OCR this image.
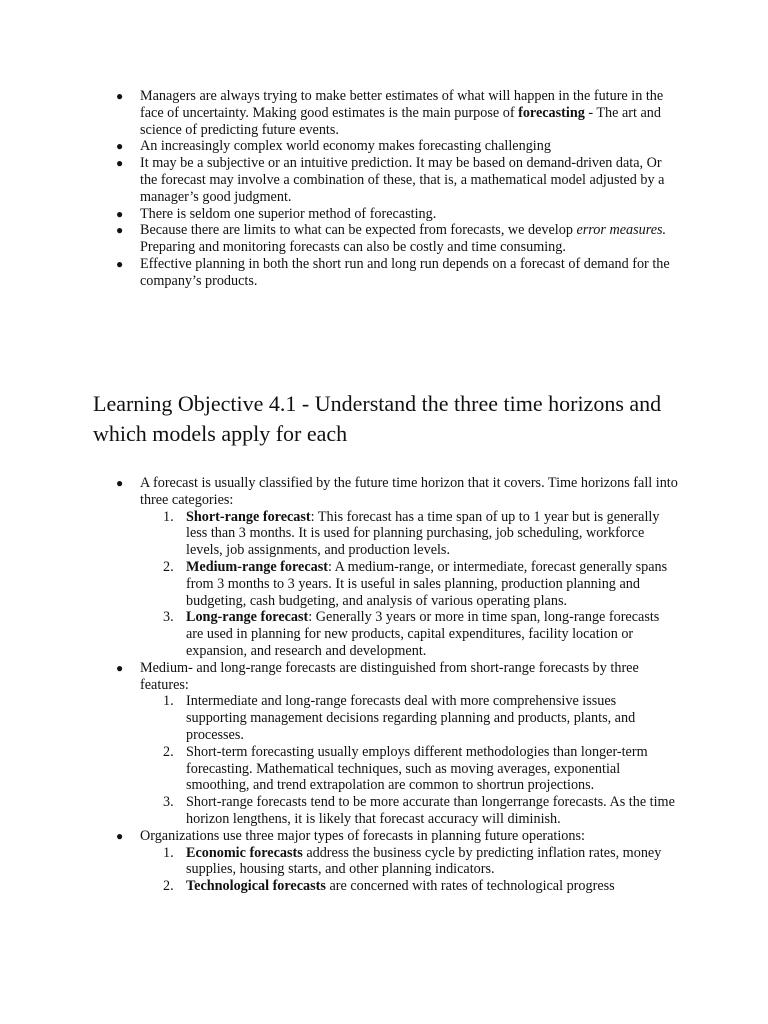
● Managers are always trying to make better estimates of what will happen in the future in the face of uncertainty. Making good estimates is the main purpose of forecasting - The art and science of predicting future events.

● An increasingly complex world economy makes forecasting challenging

● It may be a subjective or an intuitive prediction. It may be based on demand-driven data, Or the forecast may involve a combination of these, that is, a mathematical model adjusted by a manager’s good judgment.

● There is seldom one superior method of forecasting.

● Because there are limits to what can be expected from forecasts, we develop error measures. Preparing and monitoring forecasts can also be costly and time consuming.

● Effective planning in both the short run and long run depends on a forecast of demand for the company’s products.

Learning Objective 4.1 - Understand the three time horizons and which models apply for each
● A forecast is usually classified by the future time horizon that it covers. Time horizons fall into three categories:
1. Short-range forecast: This forecast has a time span of up to 1 year but is generally less than 3 months. It is used for planning purchasing, job scheduling, workforce levels, job assignments, and production levels.
2. Medium-range forecast: A medium-range, or intermediate, forecast generally spans from 3 months to 3 years. It is useful in sales planning, production planning and budgeting, cash budgeting, and analysis of various operating plans.
3. Long-range forecast: Generally 3 years or more in time span, long-range forecasts are used in planning for new products, capital expenditures, facility location or expansion, and research and development.
● Medium- and long-range forecasts are distinguished from short-range forecasts by three features:
1. Intermediate and long-range forecasts deal with more comprehensive issues supporting management decisions regarding planning and products, plants, and processes.
2. Short-term forecasting usually employs different methodologies than longer-term forecasting. Mathematical techniques, such as moving averages, exponential smoothing, and trend extrapolation are common to shortrun projections.
3. Short-range forecasts tend to be more accurate than longerrange forecasts. As the time horizon lengthens, it is likely that forecast accuracy will diminish.
● Organizations use three major types of forecasts in planning future operations:
1. Economic forecasts address the business cycle by predicting inflation rates, money supplies, housing starts, and other planning indicators.
2. Technological forecasts are concerned with rates of technological progress
